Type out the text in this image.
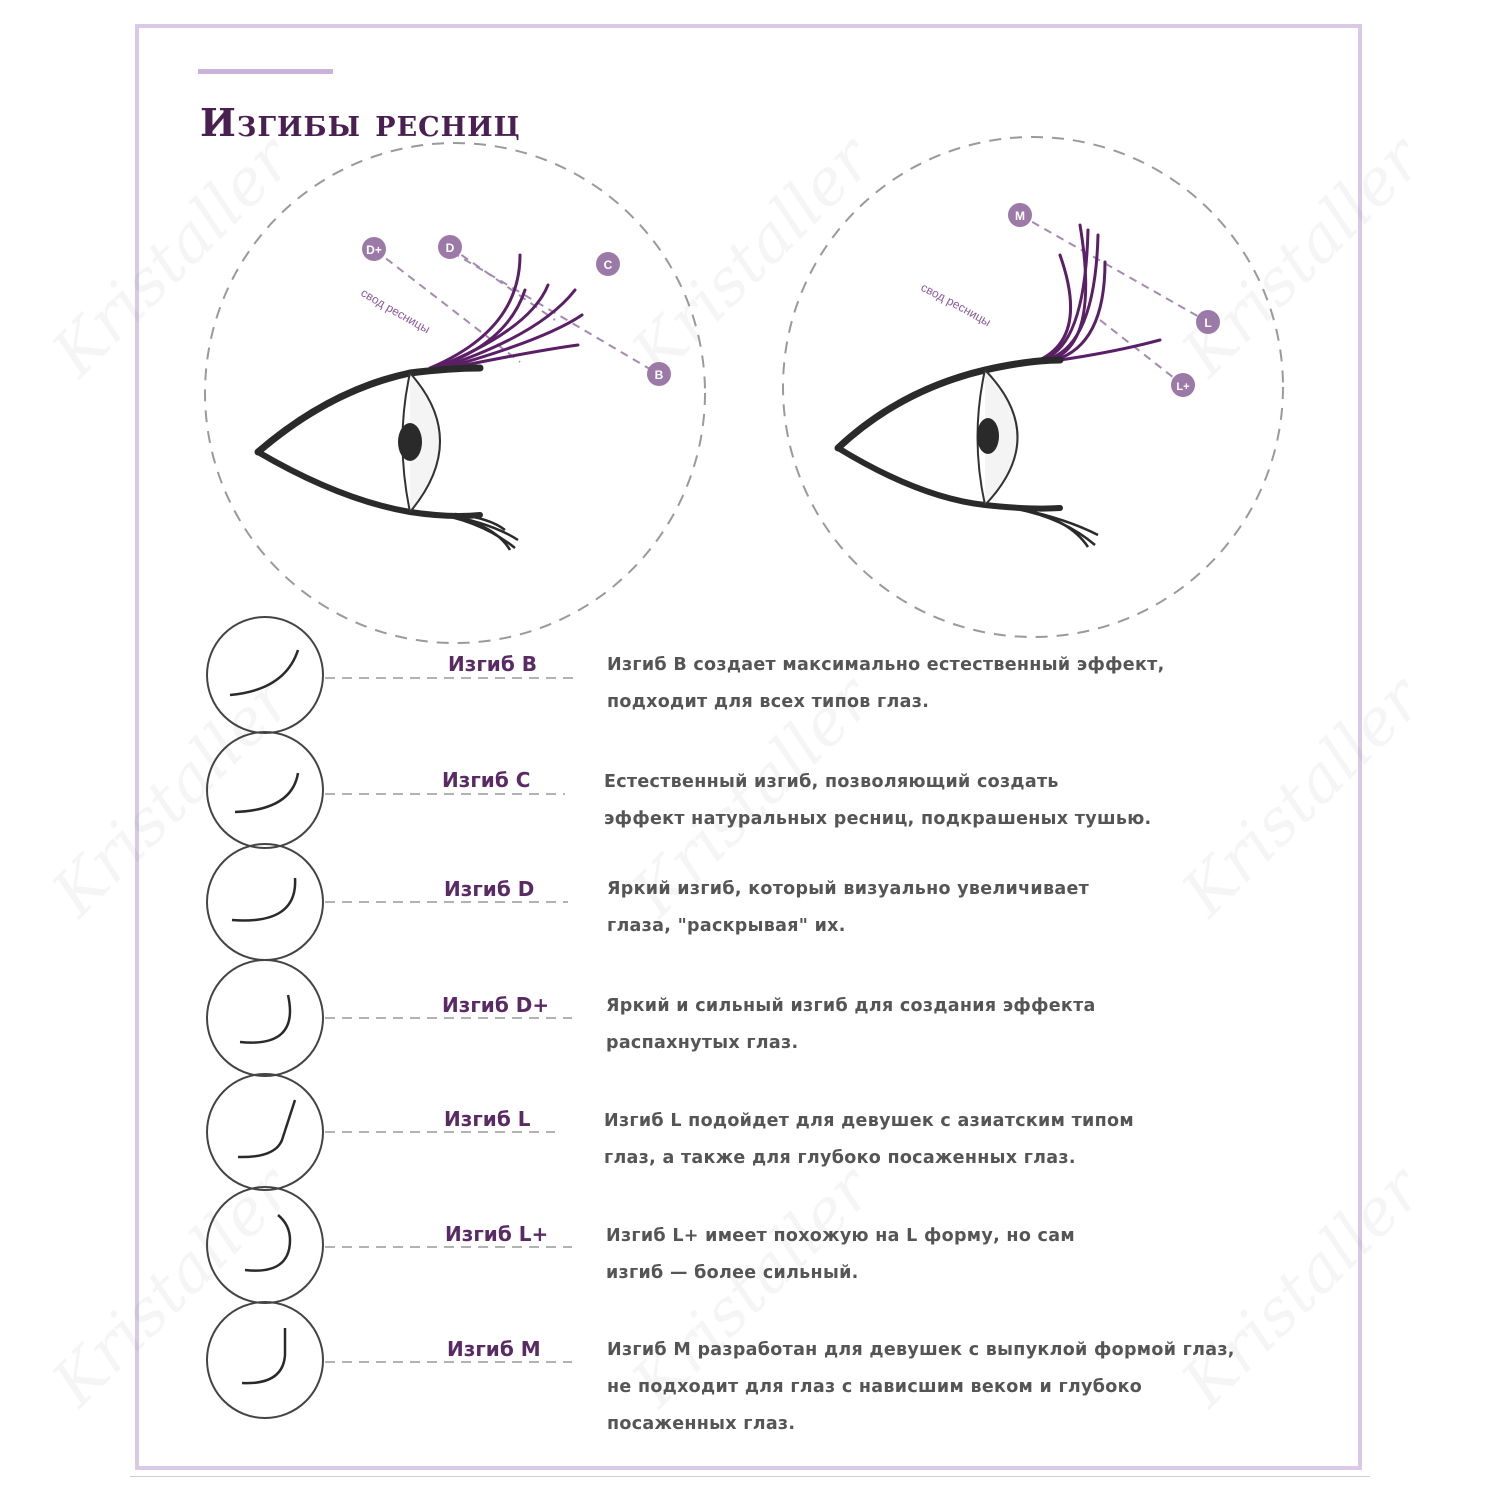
Изгибы ресниц
D+	D
C
B
свод ресницы
M
L
L+
свод ресницы
Изгиб B
Изгиб C
Изгиб D
Изгиб D+
Изгиб L
Изгиб L+
Изгиб M
Изгиб B создает максимально естественный эффект,
подходит для всех типов глаз.
Естественный изгиб, позволяющий создать
эффект натуральных ресниц, подкрашеных тушью.
Яркий изгиб, который визуально увеличивает
глаза, "раскрывая" их.
Яркий и сильный изгиб для создания эффекта
распахнутых глаз.
Изгиб L подойдет для девушек с азиатским типом
глаз, а также для глубоко посаженных глаз.
Изгиб L+ имеет похожую на L форму, но сам
изгиб — более сильный.
Изгиб M разработан для девушек с выпуклой формой глаз,
не подходит для глаз с нависшим веком и глубоко
посаженных глаз.
